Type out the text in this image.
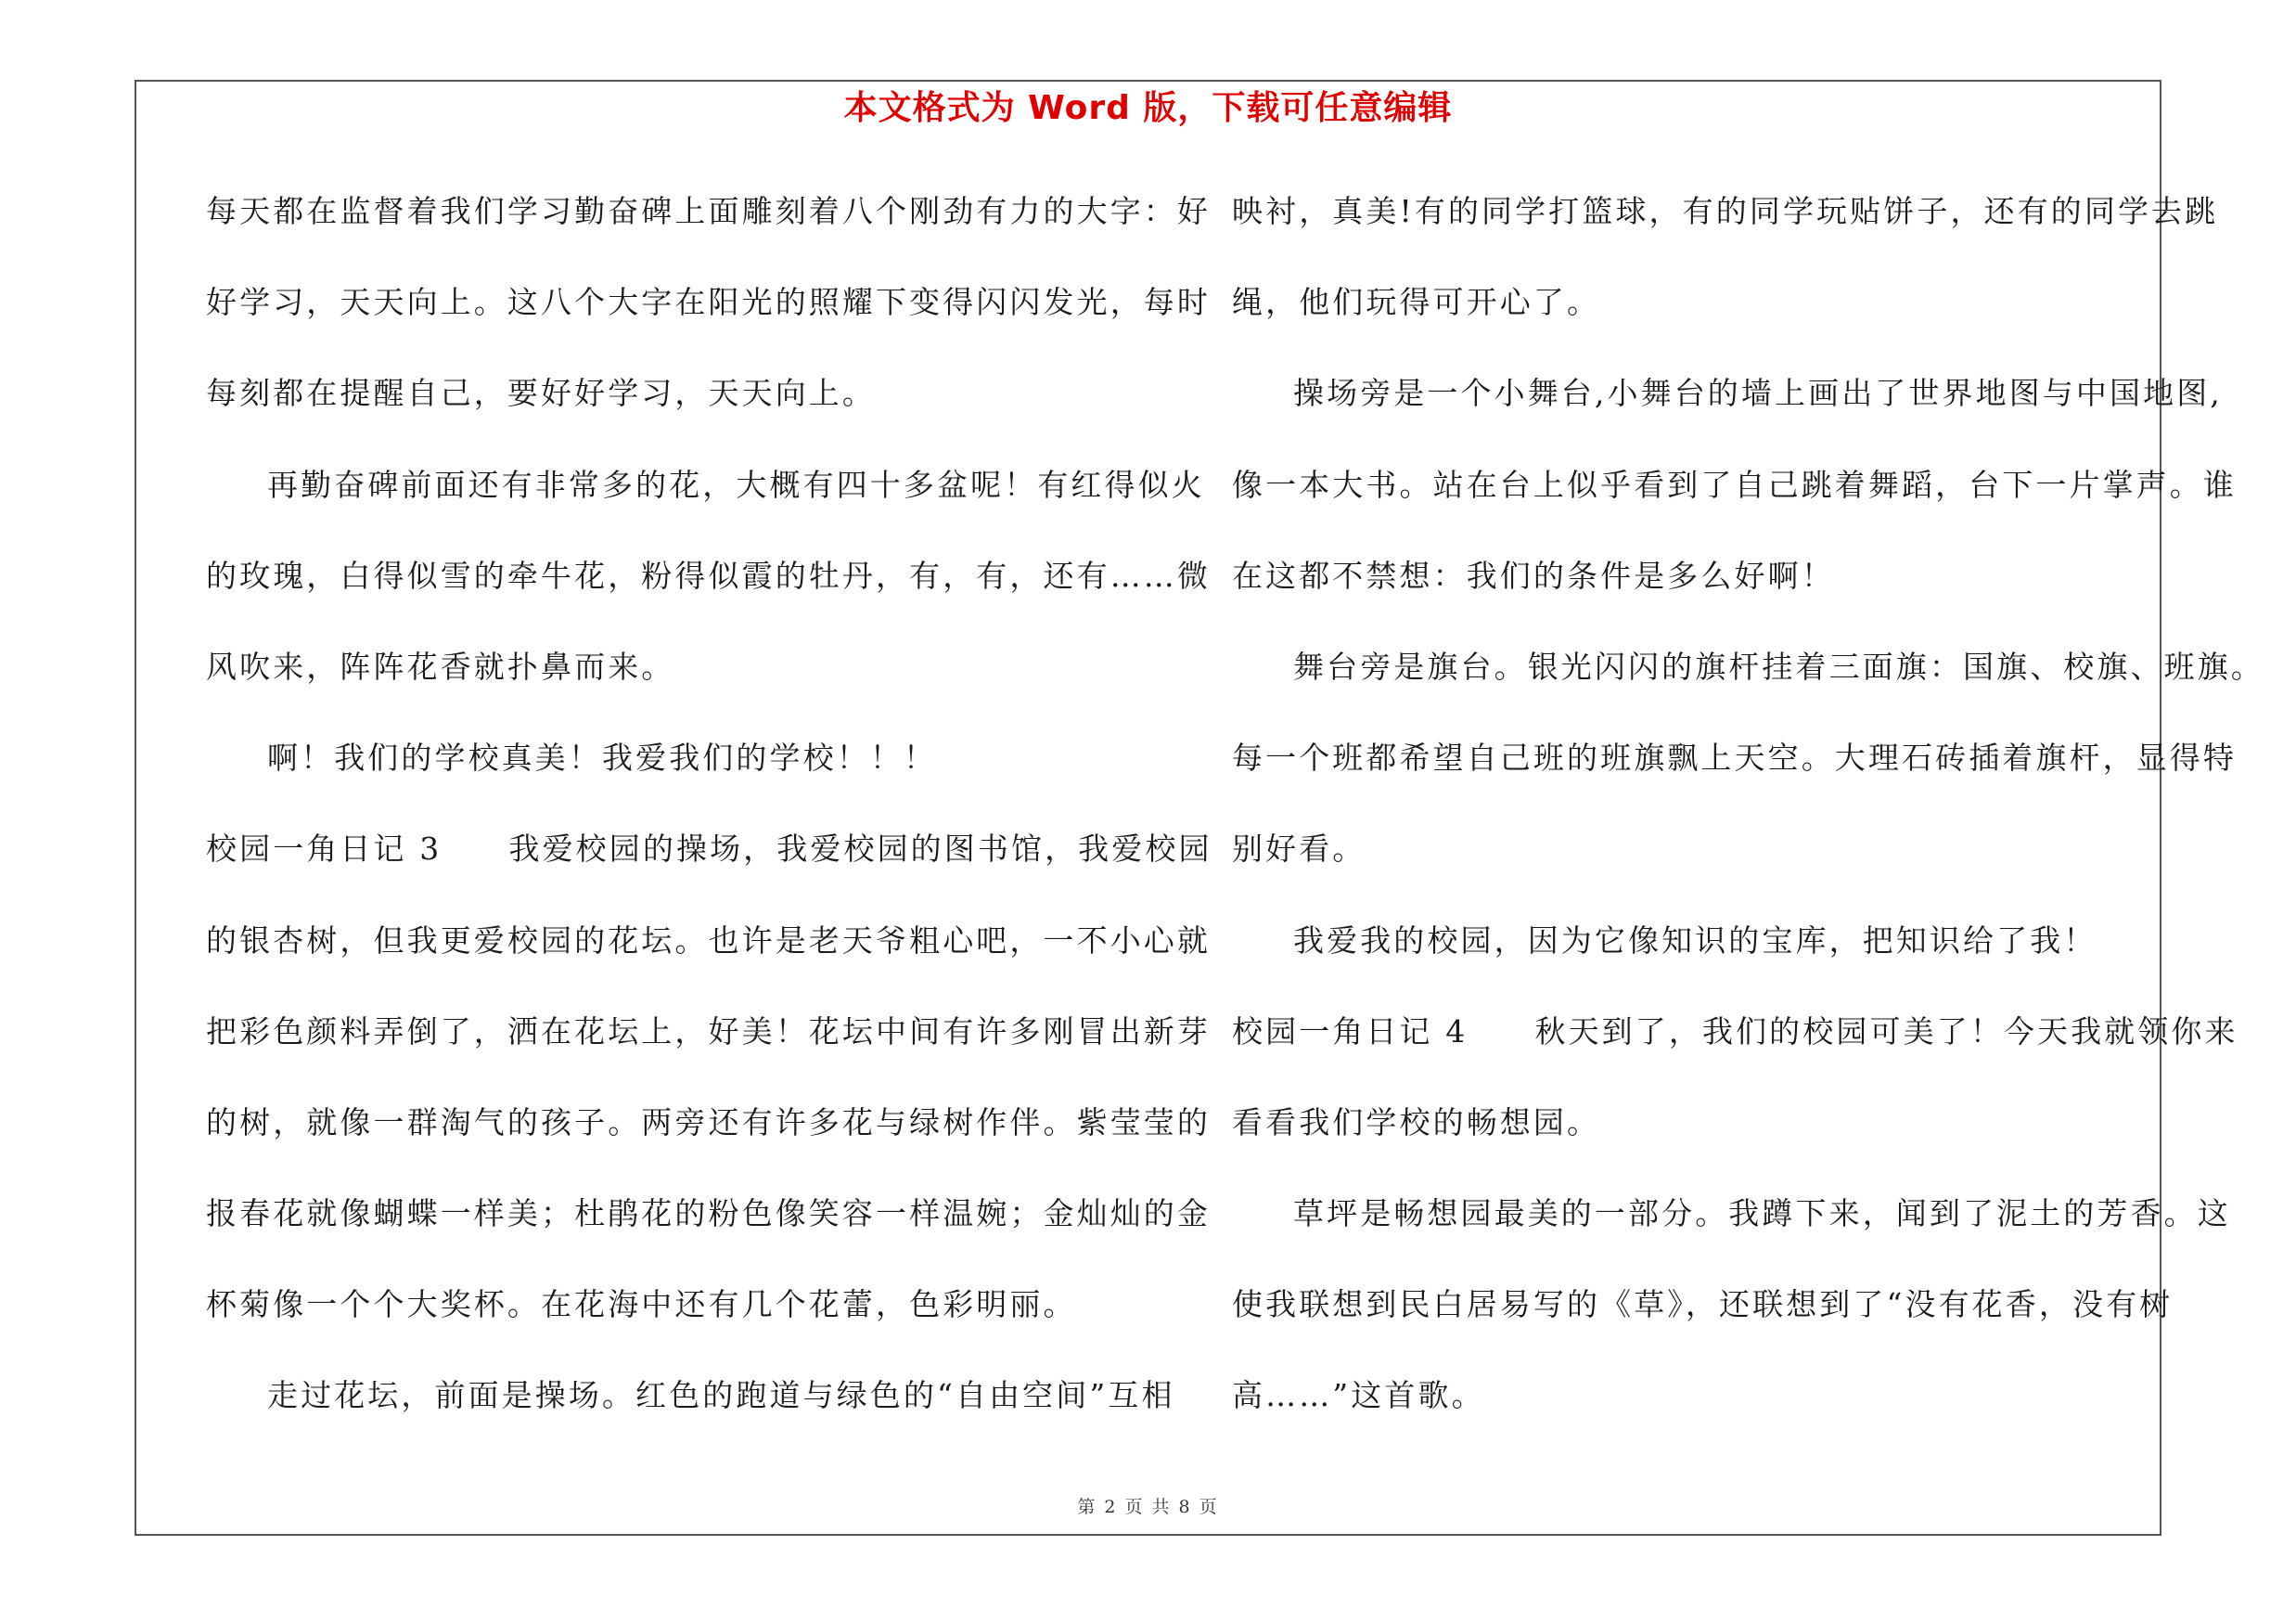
本文格式为 Word 版，下载可任意编辑
每天都在监督着我们学习勤奋碑上面雕刻着八个刚劲有力的大字：好
好学习，天天向上。这八个大字在阳光的照耀下变得闪闪发光，每时
每刻都在提醒自己，要好好学习，天天向上。
再勤奋碑前面还有非常多的花，大概有四十多盆呢！有红得似火
的玫瑰，白得似雪的牵牛花，粉得似霞的牡丹，有，有，还有……微
风吹来，阵阵花香就扑鼻而来。
啊！我们的学校真美！我爱我们的学校！！！
校园一角日记 3　　我爱校园的操场，我爱校园的图书馆，我爱校园
的银杏树，但我更爱校园的花坛。也许是老天爷粗心吧，一不小心就
把彩色颜料弄倒了，洒在花坛上，好美！花坛中间有许多刚冒出新芽
的树，就像一群淘气的孩子。两旁还有许多花与绿树作伴。紫莹莹的
报春花就像蝴蝶一样美；杜鹃花的粉色像笑容一样温婉；金灿灿的金
杯菊像一个个大奖杯。在花海中还有几个花蕾，色彩明丽。
走过花坛，前面是操场。红色的跑道与绿色的“自由空间”互相
映衬，真美!有的同学打篮球，有的同学玩贴饼子，还有的同学去跳
绳，他们玩得可开心了。
操场旁是一个小舞台,小舞台的墙上画出了世界地图与中国地图,
像一本大书。站在台上似乎看到了自己跳着舞蹈，台下一片掌声。谁
在这都不禁想：我们的条件是多么好啊！
舞台旁是旗台。银光闪闪的旗杆挂着三面旗：国旗、校旗、班旗。
每一个班都希望自己班的班旗飘上天空。大理石砖插着旗杆，显得特
别好看。
我爱我的校园，因为它像知识的宝库，把知识给了我！
校园一角日记 4　　秋天到了，我们的校园可美了！今天我就领你来
看看我们学校的畅想园。
草坪是畅想园最美的一部分。我蹲下来，闻到了泥土的芳香。这
使我联想到民白居易写的《草》，还联想到了“没有花香，没有树
高……”这首歌。
第 2 页 共 8 页
